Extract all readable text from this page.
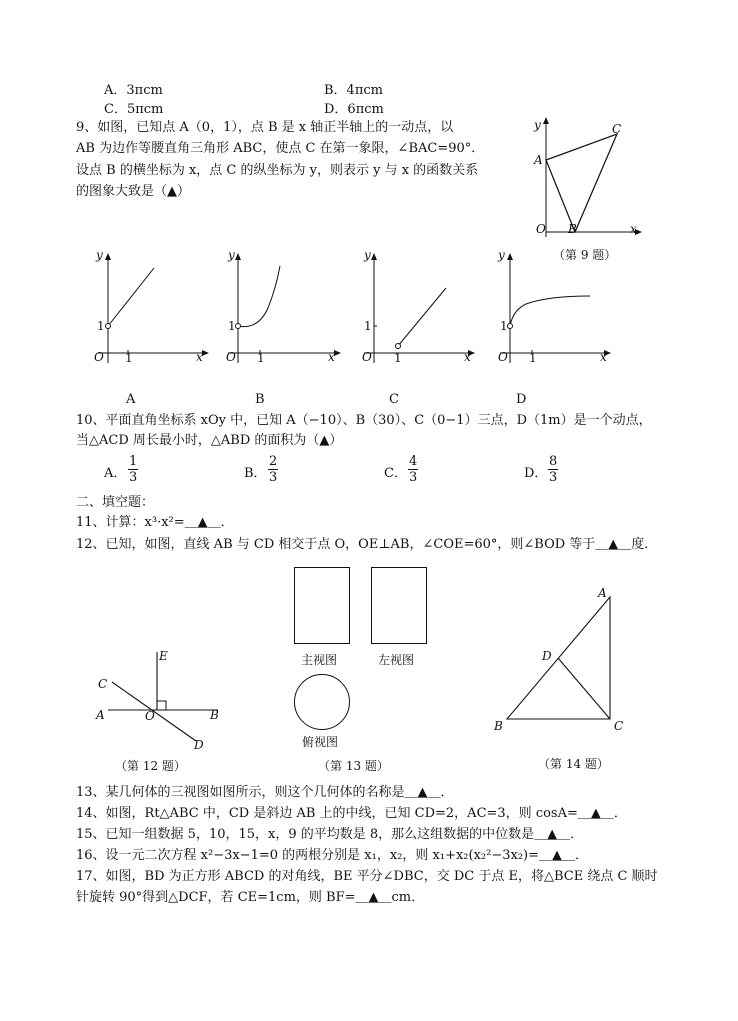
A．3πcm	B．4πcm
C．5πcm	D．6πcm
9、如图，已知点 A（0，1），点 B 是 x 轴正半轴上的一动点，以
AB 为边作等腰直角三角形 ABC，使点 C 在第一象限，∠BAC=90°．
设点 B 的横坐标为 x，点 C 的纵坐标为 y，则表示 y 与 x 的函数关系
的图象大致是（▲）
y
A
C
O B	x
（第 9 题）
y
1
O 1	x
y
1
O 1	x
y
1
O 1	x
y
1
O 1	x
A	B	C	D
10、平面直角坐标系 xOy 中，已知 A（−10）、B（30）、C（0−1）三点，D（1m）是一个动点，
当△ACD 周长最小时，△ABD 的面积为（▲）
A． $\frac{1}{3}$	B． $\frac{2}{3}$	C． $\frac{4}{3}$	D． $\frac{8}{3}$
二、填空题：
11、计算：x³·x²=＿▲＿．
12、已知，如图，直线 AB 与 CD 相交于点 O，OE⊥AB，∠COE=60°，则∠BOD 等于＿▲＿度．
E
C
A	O	B
D
（第 12 题）
主视图	左视图
俯视图
（第 13 题）
A
D
B	C
（第 14 题）
13、某几何体的三视图如图所示，则这个几何体的名称是＿▲＿．
14、如图，Rt△ABC 中，CD 是斜边 AB 上的中线，已知 CD=2，AC=3，则 cosA=＿▲＿．
15、已知一组数据 5，10，15，x，9 的平均数是 8，那么这组数据的中位数是＿▲＿．
16、设一元二次方程 x²−3x−1=0 的两根分别是 x₁，x₂，则 x₁+x₂(x₂²−3x₂)=＿▲＿．
17、如图，BD 为正方形 ABCD 的对角线，BE 平分∠DBC，交 DC 于点 E，将△BCE 绕点 C 顺时
针旋转 90°得到△DCF，若 CE=1cm，则 BF=＿▲＿cm．
